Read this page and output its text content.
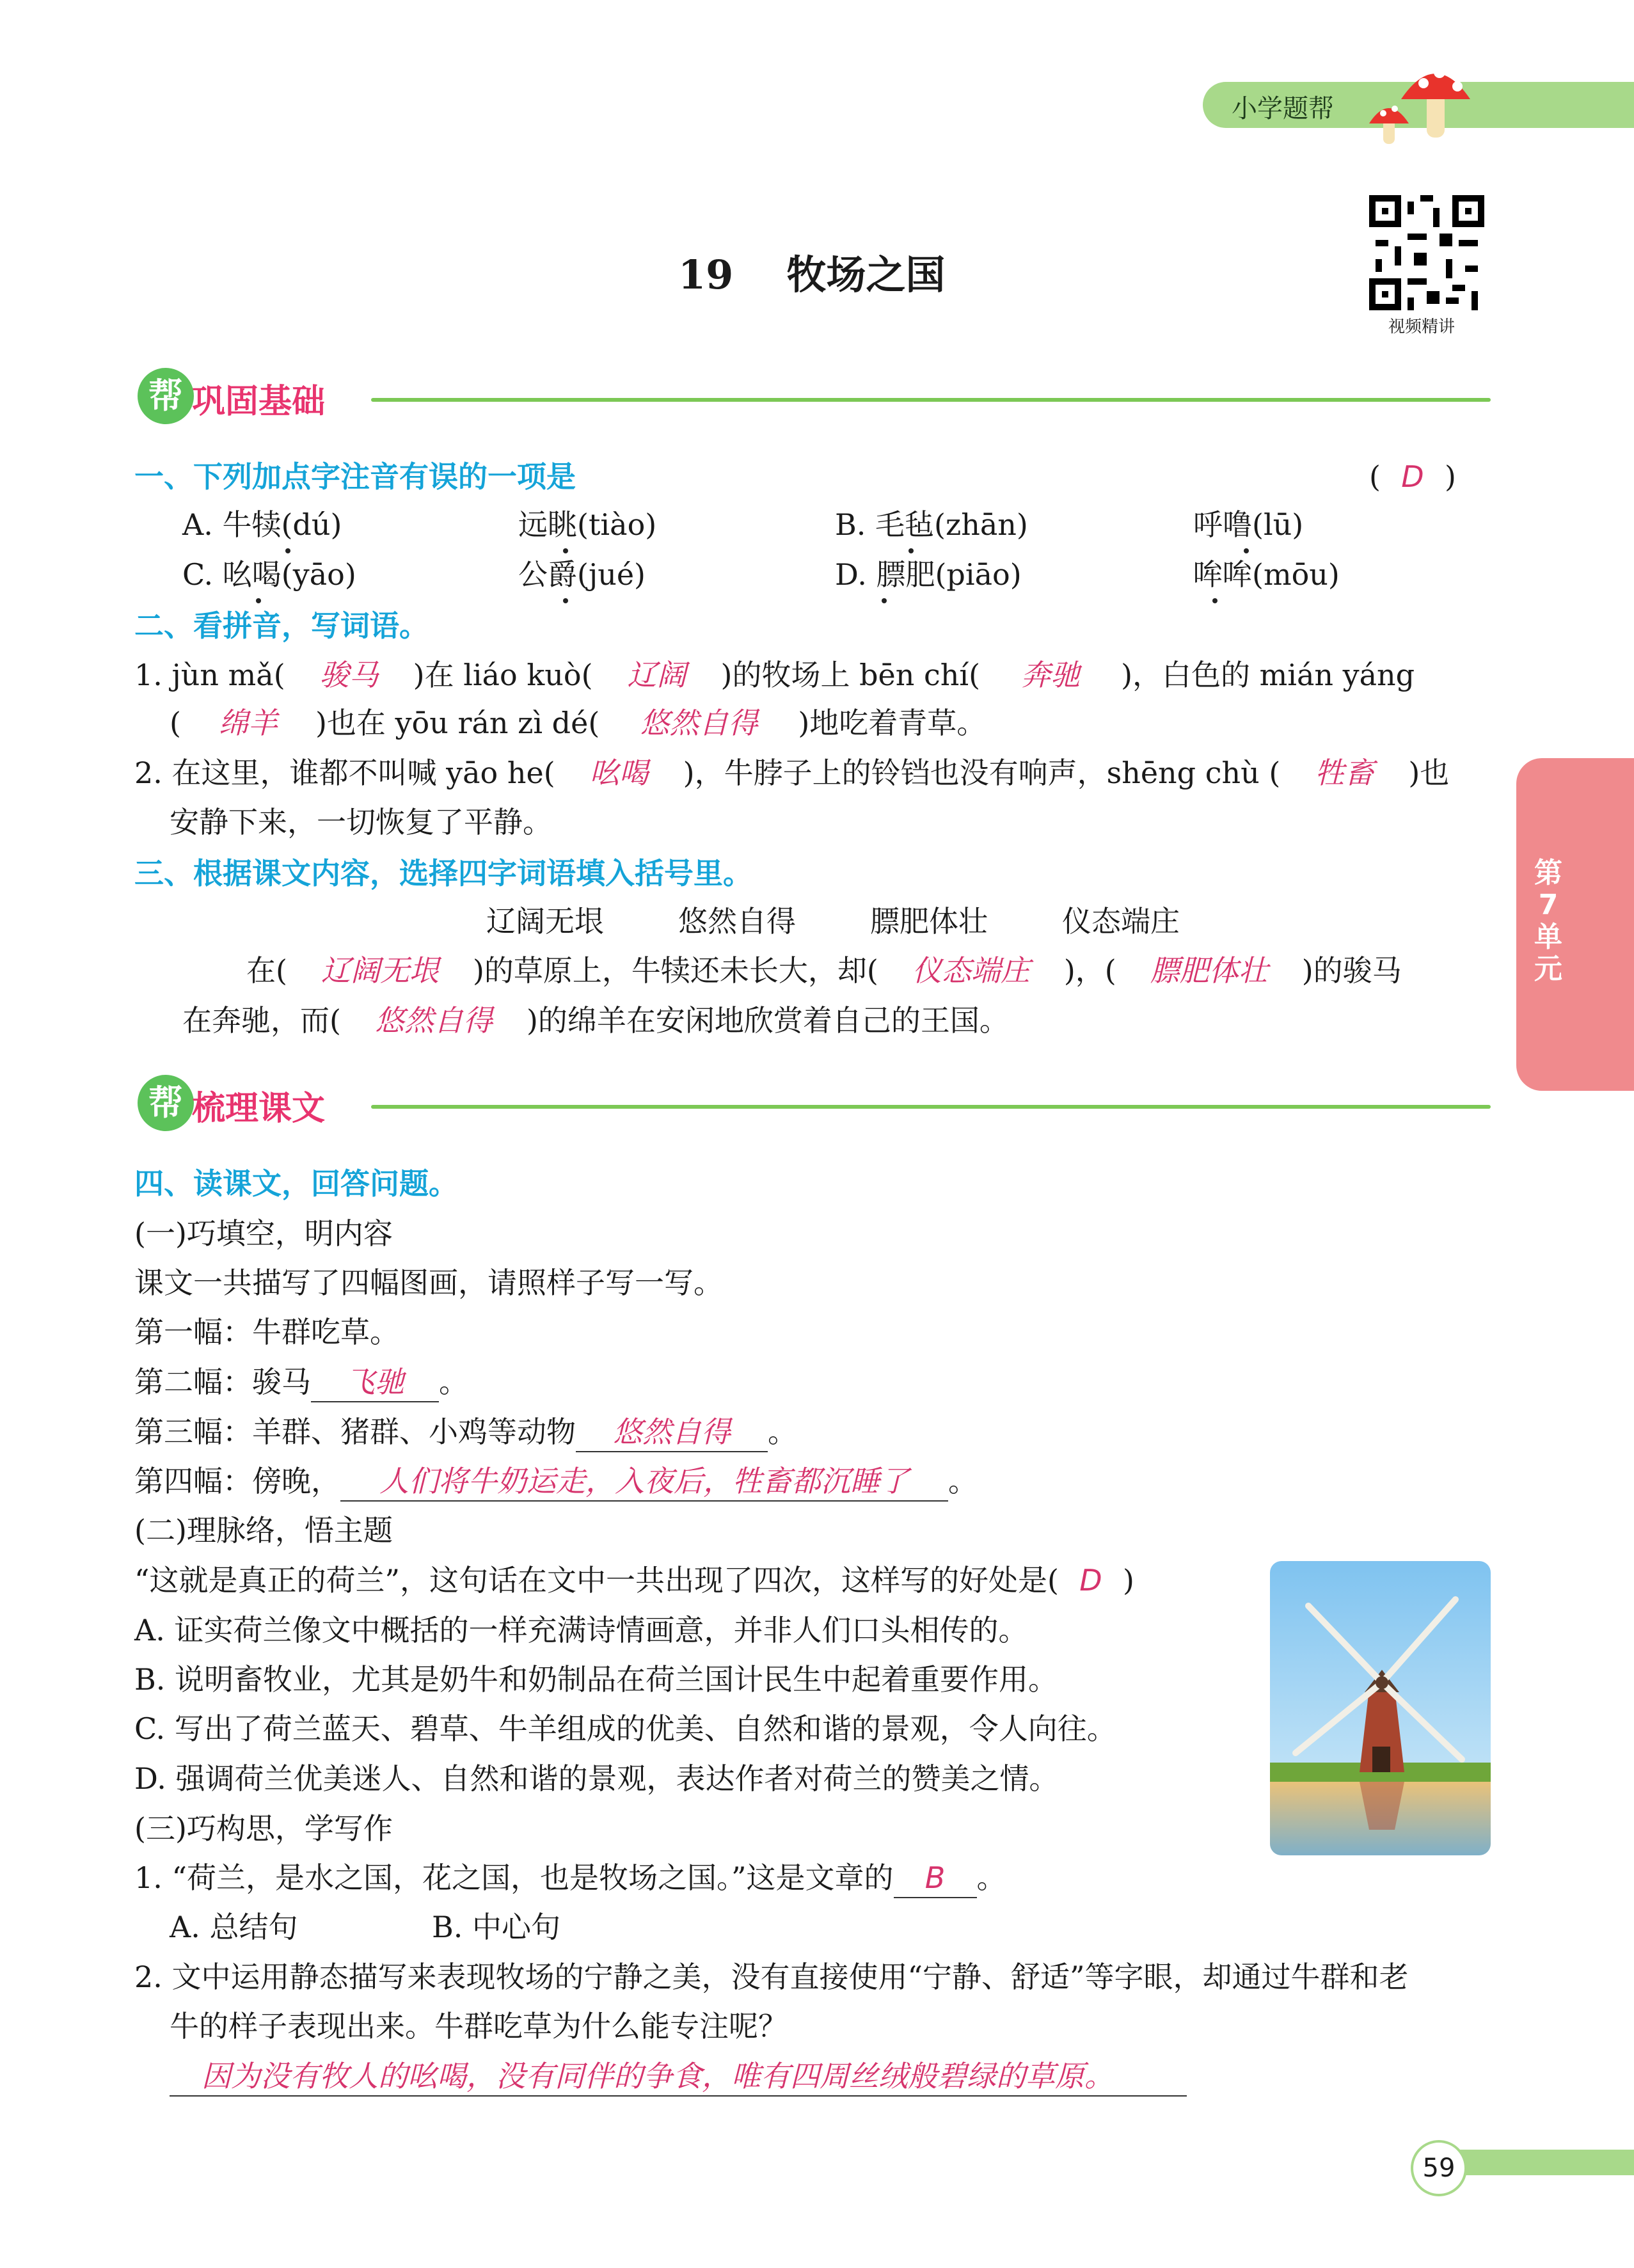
小学题帮
19 牧场之国
视频精讲
帮 巩固基础
一、下列加点字注音有误的一项是	( D )
A. 牛犊(dú)	远眺(tiào)	B. 毛毡(zhān)	呼噜(lū)
C. 吆喝(yāo)	公爵(jué)	D. 膘肥(piāo)	哞哞(mōu)
二、看拼音，写词语。
1. jùn mǎ( 骏马 )在 liáo kuò( 辽阔 )的牧场上 bēn chí( 奔驰 )，白色的 mián yáng
( 绵羊 )也在 yōu rán zì dé( 悠然自得 )地吃着青草。
2. 在这里，谁都不叫喊 yāo he( 吆喝 )，牛脖子上的铃铛也没有响声，shēng chù ( 牲畜 )也
安静下来，一切恢复了平静。
三、根据课文内容，选择四字词语填入括号里。
辽阔无垠	悠然自得	膘肥体壮	仪态端庄
在( 辽阔无垠 )的草原上，牛犊还未长大，却( 仪态端庄 )，( 膘肥体壮 )的骏马
在奔驰，而( 悠然自得 )的绵羊在安闲地欣赏着自己的王国。
帮 梳理课文
四、读课文，回答问题。
(一)巧填空，明内容
课文一共描写了四幅图画，请照样子写一写。
第一幅：牛群吃草。
第二幅：骏马 飞驰 。
第三幅：羊群、猪群、小鸡等动物 悠然自得 。
第四幅：傍晚， 人们将牛奶运走，入夜后，牲畜都沉睡了 。
(二)理脉络，悟主题
“这就是真正的荷兰”，这句话在文中一共出现了四次，这样写的好处是( D )
A. 证实荷兰像文中概括的一样充满诗情画意，并非人们口头相传的。
B. 说明畜牧业，尤其是奶牛和奶制品在荷兰国计民生中起着重要作用。
C. 写出了荷兰蓝天、碧草、牛羊组成的优美、自然和谐的景观，令人向往。
D. 强调荷兰优美迷人、自然和谐的景观，表达作者对荷兰的赞美之情。
(三)巧构思，学写作
1. “荷兰，是水之国，花之国，也是牧场之国。”这是文章的 B 。
A. 总结句	B. 中心句
2. 文中运用静态描写来表现牧场的宁静之美，没有直接使用“宁静、舒适”等字眼，却通过牛群和老
牛的样子表现出来。牛群吃草为什么能专注呢？
因为没有牧人的吆喝，没有同伴的争食，唯有四周丝绒般碧绿的草原。
第7单元
59
